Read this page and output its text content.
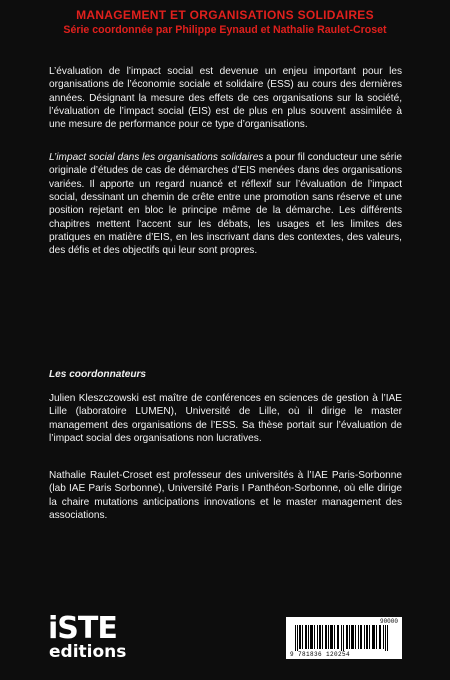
MANAGEMENT ET ORGANISATIONS SOLIDAIRES
Série coordonnée par Philippe Eynaud et Nathalie Raulet-Croset

L’évaluation de l’impact social est devenue un enjeu important pour les organisations de l’économie sociale et solidaire (ESS) au cours des dernières années. Désignant la mesure des effets de ces organisations sur la société, l’évaluation de l’impact social (EIS) est de plus en plus souvent assimilée à une mesure de performance pour ce type d’organisations.

L’impact social dans les organisations solidaires a pour fil conducteur une série originale d’études de cas de démarches d’EIS menées dans des organisations variées. Il apporte un regard nuancé et réflexif sur l’évaluation de l’impact social, dessinant un chemin de crête entre une promotion sans réserve et une position rejetant en bloc le principe même de la démarche. Les différents chapitres mettent l’accent sur les débats, les usages et les limites des pratiques en matière d’EIS, en les inscrivant dans des contextes, des valeurs, des défis et des objectifs qui leur sont propres.

Les coordonnateurs

Julien Kleszczowski est maître de conférences en sciences de gestion à l’IAE Lille (laboratoire LUMEN), Université de Lille, où il dirige le master management des organisations de l’ESS. Sa thèse portait sur l’évaluation de l’impact social des organisations non lucratives.

Nathalie Raulet-Croset est professeur des universités à l’IAE Paris-Sorbonne (lab IAE Paris Sorbonne), Université Paris I Panthéon-Sorbonne, où elle dirige la chaire mutations anticipations innovations et le master management des associations.

iSTE
editions
90000
9 781836 120254
